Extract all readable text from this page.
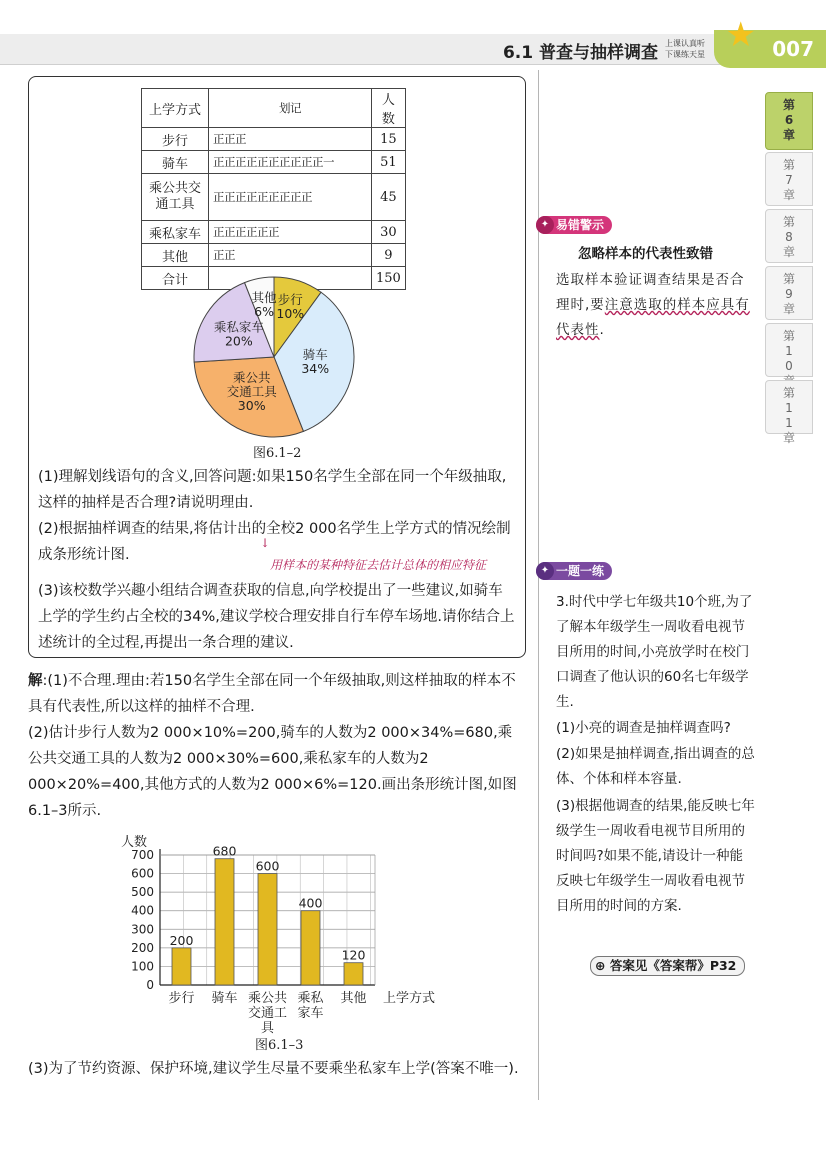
6.1 普查与抽样调查 上课认真听
下课练天星	007
★
第6章
第7章
第8章
第9章
第10
第11章
上学方式	划记	人数
步行	正正正	15
骑车	正正正正正正正正正正一	51
乘公共交通工具	正正正正正正正正正	45
乘私家车	正正正正正正	30
其他	正正	9
合计		150
步行
10%
骑车
34%
乘公共
交通工具
30%
乘私家车
20%
其他
6%
图6.1–2
(1)理解划线语句的含义,回答问题:如果150名学生全部在同一个年级抽取,这样的抽样是否合理?请说明理由.
(2)根据抽样调查的结果,将估计出的全校2 000名学生上学方式的情况绘制成条形统计图.
用样本的某种特征去估计总体的相应特征
↓
(3)该校数学兴趣小组结合调查获取的信息,向学校提出了一些建议,如骑车上学的学生约占全校的34%,建议学校合理安排自行车停车场地.请你结合上述统计的全过程,再提出一条合理的建议.
解:(1)不合理.理由:若150名学生全部在同一个年级抽取,则这样抽取的样本不具有代表性,所以这样的抽样不合理.
(2)估计步行人数为2 000×10%=200,骑车的人数为2 000×34%=680,乘公共交通工具的人数为2 000×30%=600,乘私家车的人数为2 000×20%=400,其他方式的人数为2 000×6%=120.画出条形统计图,如图6.1–3所示.
人数
0
100
200
300
400
500
600
700
200
680
600
400
120
步行 骑车 乘公共
交通工
具
乘私
家车
其他 上学方式
图6.1–3
(3)为了节约资源、保护环境,建议学生尽量不要乘坐私家车上学(答案不唯一).
✦ 易错警示
忽略样本的代表性致错
选取样本验证调查结果是否合理时,要注意选取的样本应具有代表性.
✦ 一题一练
3.时代中学七年级共10个班,为了了解本年级学生一周收看电视节目所用的时间,小亮放学时在校门口调查了他认识的60名七年级学生.
(1)小亮的调查是抽样调查吗?
(2)如果是抽样调查,指出调查的总体、个体和样本容量.
(3)根据他调查的结果,能反映七年级学生一周收看电视节目所用的时间吗?如果不能,请设计一种能反映七年级学生一周收看电视节目所用的时间的方案.
⊕ 答案见《答案帮》P32
